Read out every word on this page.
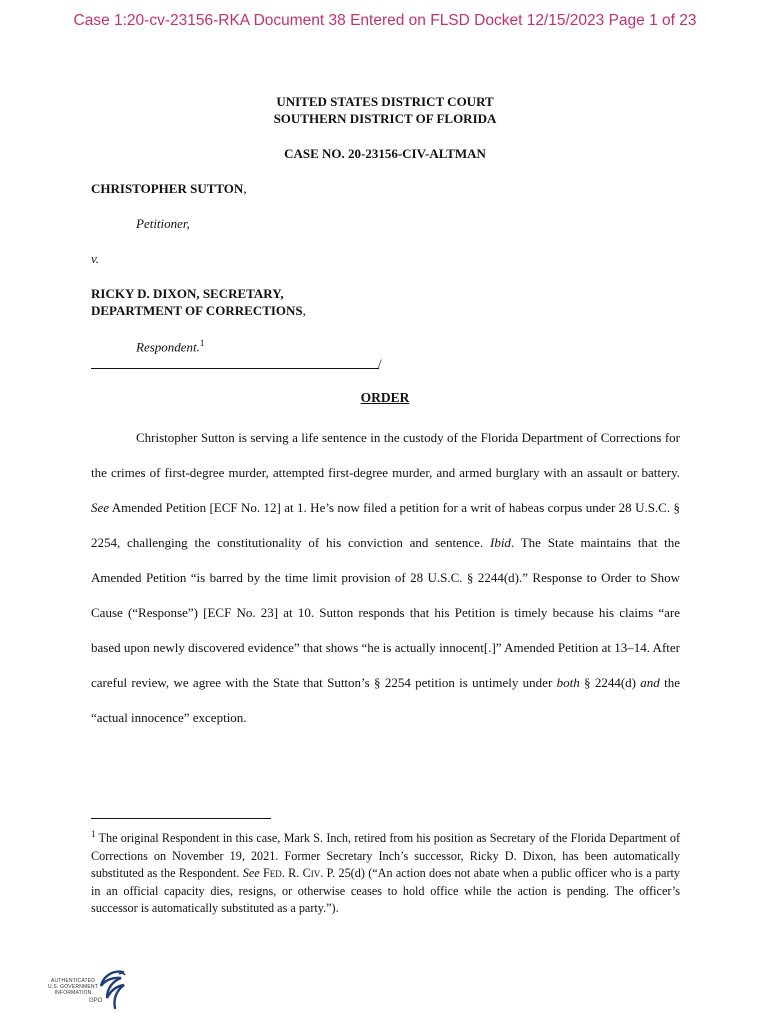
Case 1:20-cv-23156-RKA Document 38 Entered on FLSD Docket 12/15/2023 Page 1 of 23
UNITED STATES DISTRICT COURT
SOUTHERN DISTRICT OF FLORIDA
CASE NO. 20-23156-CIV-ALTMAN
CHRISTOPHER SUTTON,
Petitioner,
v.
RICKY D. DIXON, SECRETARY,
DEPARTMENT OF CORRECTIONS,
Respondent.$^1$
/
ORDER

Christopher Sutton is serving a life sentence in the custody of the Florida Department of Corrections for the crimes of first-degree murder, attempted first-degree murder, and armed burglary with an assault or battery. See Amended Petition [ECF No. 12] at 1. He’s now filed a petition for a writ of habeas corpus under 28 U.S.C. § 2254, challenging the constitutionality of his conviction and sentence. Ibid. The State maintains that the Amended Petition “is barred by the time limit provision of 28 U.S.C. § 2244(d).” Response to Order to Show Cause (“Response”) [ECF No. 23] at 10. Sutton responds that his Petition is timely because his claims “are based upon newly discovered evidence” that shows “he is actually innocent[.]” Amended Petition at 13–14. After careful review, we agree with the State that Sutton’s § 2254 petition is untimely under both § 2244(d) and the “actual innocence” exception.

$^1$ The original Respondent in this case, Mark S. Inch, retired from his position as Secretary of the Florida Department of Corrections on November 19, 2021. Former Secretary Inch’s successor, Ricky D. Dixon, has been automatically substituted as the Respondent. See Fed. R. Civ. P. 25(d) (“An action does not abate when a public officer who is a party in an official capacity dies, resigns, or otherwise ceases to hold office while the action is pending. The officer’s successor is automatically substituted as a party.”).

AUTHENTICATED
U.S. GOVERNMENT
INFORMATION
GPO
